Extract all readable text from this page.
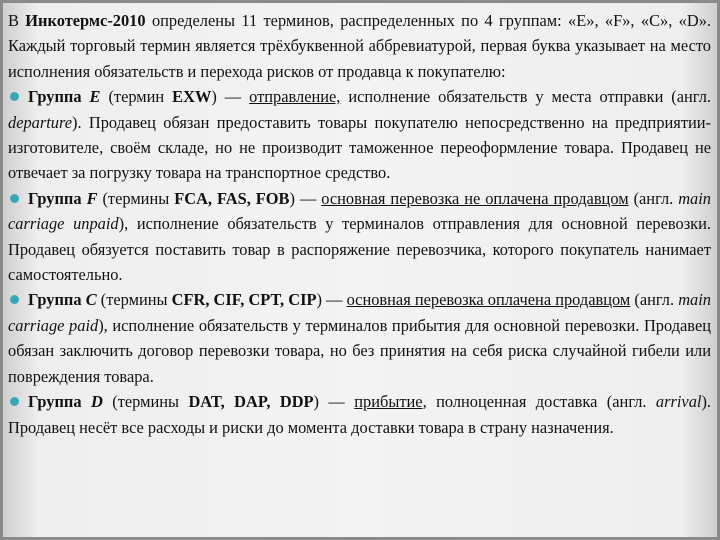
В Инкотермс-2010 определены 11 терминов, распределенных по 4 группам: «E», «F», «C», «D». Каждый торговый термин является трёхбуквенной аббревиатурой, первая буква указывает на место исполнения обязательств и перехода рисков от продавца к покупателю:

Группа E (термин EXW) — отправление, исполнение обязательств у места отправки (англ. departure). Продавец обязан предоставить товары покупателю непосредственно на предприятии-изготовителе, своём складе, но не производит таможенное переоформление товара. Продавец не отвечает за погрузку товара на транспортное средство.

Группа F (термины FCA, FAS, FOB) — основная перевозка не оплачена продавцом (англ. main carriage unpaid), исполнение обязательств у терминалов отправления для основной перевозки. Продавец обязуется поставить товар в распоряжение перевозчика, которого покупатель нанимает самостоятельно.

Группа C (термины CFR, CIF, CPT, CIP) — основная перевозка оплачена продавцом (англ. main carriage paid), исполнение обязательств у терминалов прибытия для основной перевозки. Продавец обязан заключить договор перевозки товара, но без принятия на себя риска случайной гибели или повреждения товара.

Группа D (термины DAT, DAP, DDP) — прибытие, полноценная доставка (англ. arrival). Продавец несёт все расходы и риски до момента доставки товара в страну назначения.
